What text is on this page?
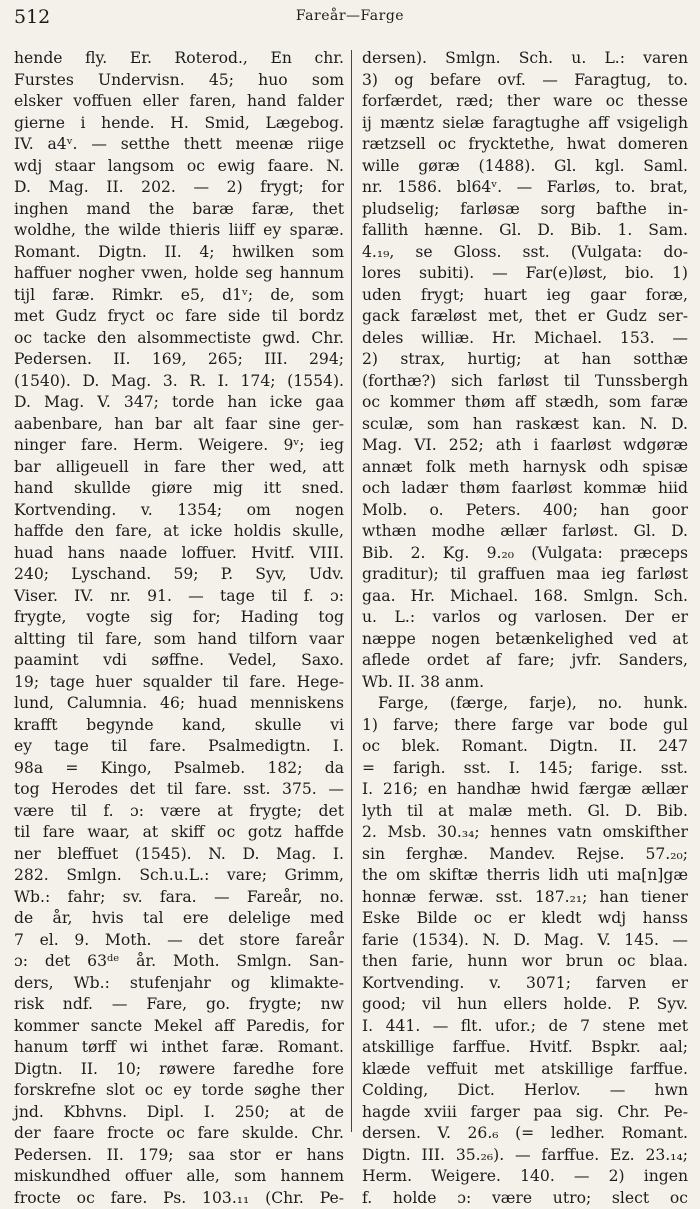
512	Fareår—Farge
hende fly. Er. Roterod., En chr.
Furstes Undervisn. 45; huo som
elsker voffuen eller faren, hand falder
gierne i hende. H. Smid, Lægebog.
IV. a4ᵛ. — setthe thett meenæ riige
wdj staar langsom oc ewig faare. N.
D. Mag. II. 202. — 2) frygt; for
inghen mand the baræ faræ, thet
woldhe, the wilde thieris liiff ey sparæ.
Romant. Digtn. II. 4; hwilken som
haffuer nogher vwen, holde seg hannum
tijl faræ. Rimkr. e5, d1ᵛ; de, som
met Gudz fryct oc fare side til bordz
oc tacke den alsommectiste gwd. Chr.
Pedersen. II. 169, 265; III. 294;
(1540). D. Mag. 3. R. I. 174; (1554).
D. Mag. V. 347; torde han icke gaa
aabenbare, han bar alt faar sine ger-
ninger fare. Herm. Weigere. 9ᵛ; ieg
bar alligeuell in fare ther wed, att
hand skullde giøre mig itt sned.
Kortvending. v. 1354; om nogen
haffde den fare, at icke holdis skulle,
huad hans naade loffuer. Hvitf. VIII.
240; Lyschand. 59; P. Syv, Udv.
Viser. IV. nr. 91. — tage til f. ɔ:
frygte, vogte sig for; Hading tog
altting til fare, som hand tilforn vaar
paamint vdi søffne. Vedel, Saxo.
19; tage huer squalder til fare. Hege-
lund, Calumnia. 46; huad menniskens
krafft begynde kand, skulle vi
ey tage til fare. Psalmedigtn. I.
98a = Kingo, Psalmeb. 182; da
tog Herodes det til fare. sst. 375. —
være til f. ɔ: være at frygte; det
til fare waar, at skiff oc gotz haffde
ner bleffuet (1545). N. D. Mag. I.
282. Smlgn. Sch.u.L.: vare; Grimm,
Wb.: fahr; sv. fara. — Fareår, no.
de år, hvis tal ere delelige med
7 el. 9. Moth. — det store fareår
ɔ: det 63ᵈᵉ år. Moth. Smlgn. San-
ders, Wb.: stufenjahr og klimakte-
risk ndf. — Fare, go. frygte; nw
kommer sancte Mekel aff Paredis, for
hanum tørff wi inthet faræ. Romant.
Digtn. II. 10; røwere faredhe fore
forskrefne slot oc ey torde søghe ther
jnd. Kbhvns. Dipl. I. 250; at de
der faare frocte oc fare skulde. Chr.
Pedersen. II. 179; saa stor er hans
miskundhed offuer alle, som hannem
frocte oc fare. Ps. 103.₁₁ (Chr. Pe-
dersen). Smlgn. Sch. u. L.: varen
3) og befare ovf. — Faragtug, to.
forfærdet, ræd; ther ware oc thesse
ij mæntz sielæ faragtughe aff vsigeligh
rætzsell oc frycktethe, hwat domeren
wille gøræ (1488). Gl. kgl. Saml.
nr. 1586. bl64ᵛ. — Farløs, to. brat,
pludselig; farløsæ sorg bafthe in-
fallith hænne. Gl. D. Bib. 1. Sam.
4.₁₉, se Gloss. sst. (Vulgata: do-
lores subiti). — Far(e)løst, bio. 1)
uden frygt; huart ieg gaar foræ,
gack faræløst met, thet er Gudz ser-
deles williæ. Hr. Michael. 153. —
2) strax, hurtig; at han sotthæ
(forthæ?) sich farløst til Tunssbergh
oc kommer thøm aff stædh, som faræ
sculæ, som han raskæst kan. N. D.
Mag. VI. 252; ath i faarløst wdgøræ
annæt folk meth harnysk odh spisæ
och ladær thøm faarløst kommæ hiid
Molb. o. Peters. 400; han goor
wthæn modhe ællær farløst. Gl. D.
Bib. 2. Kg. 9.₂₀ (Vulgata: præceps
graditur); til graffuen maa ieg farløst
gaa. Hr. Michael. 168. Smlgn. Sch.
u. L.: varlos og varlosen. Der er
næppe nogen betænkelighed ved at
aflede ordet af fare; jvfr. Sanders,
Wb. II. 38 anm.
Farge, (færge, farje), no. hunk.
1) farve; there farge var bode gul
oc blek. Romant. Digtn. II. 247
= farigh. sst. I. 145; farige. sst.
I. 216; en handhæ hwid færgæ ællær
lyth til at malæ meth. Gl. D. Bib.
2. Msb. 30.₃₄; hennes vatn omskifther
sin ferghæ. Mandev. Rejse. 57.₂₀;
the om skiftæ therris lidh uti ma[n]gæ
honnæ ferwæ. sst. 187.₂₁; han tiener
Eske Bilde oc er kledt wdj hanss
farie (1534). N. D. Mag. V. 145. —
then farie, hunn wor brun oc blaa.
Kortvending. v. 3071; farven er
good; vil hun ellers holde. P. Syv.
I. 441. — flt. ufor.; de 7 stene met
atskillige farffue. Hvitf. Bspkr. aal;
klæde veffuit met atskillige farffue.
Colding, Dict. Herlov. — hwn
hagde xviii farger paa sig. Chr. Pe-
dersen. V. 26.₆ (= ledher. Romant.
Digtn. III. 35.₂₆). — farffue. Ez. 23.₁₄;
Herm. Weigere. 140. — 2) ingen
f. holde ɔ: være utro; slect oc
